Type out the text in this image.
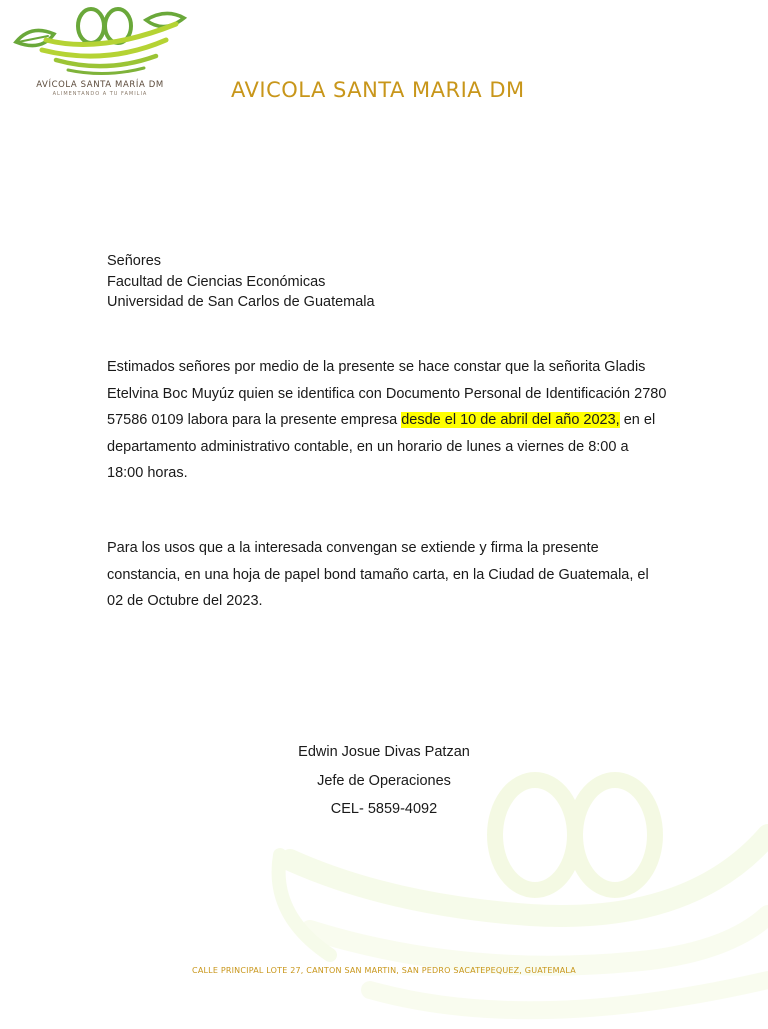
AVÍCOLA SANTA MARÍA DM
ALIMENTANDO A TU FAMILIA	AVICOLA SANTA MARIA DM
Señores
Facultad de Ciencias Económicas
Universidad de San Carlos de Guatemala
Estimados señores por medio de la presente se hace constar que la señorita Gladis Etelvina Boc Muyúz quien se identifica con Documento Personal de Identificación 2780 57586 0109 labora para la presente empresa desde el 10 de abril del año 2023, en el departamento administrativo contable, en un horario de lunes a viernes de 8:00 a 18:00 horas.
Para los usos que a la interesada convengan se extiende y firma la presente constancia, en una hoja de papel bond tamaño carta, en la Ciudad de Guatemala, el 02 de Octubre del 2023.
Edwin Josue Divas Patzan
Jefe de Operaciones
CEL- 5859-4092
CALLE PRINCIPAL LOTE 27, CANTON SAN MARTIN, SAN PEDRO SACATEPEQUEZ, GUATEMALA
